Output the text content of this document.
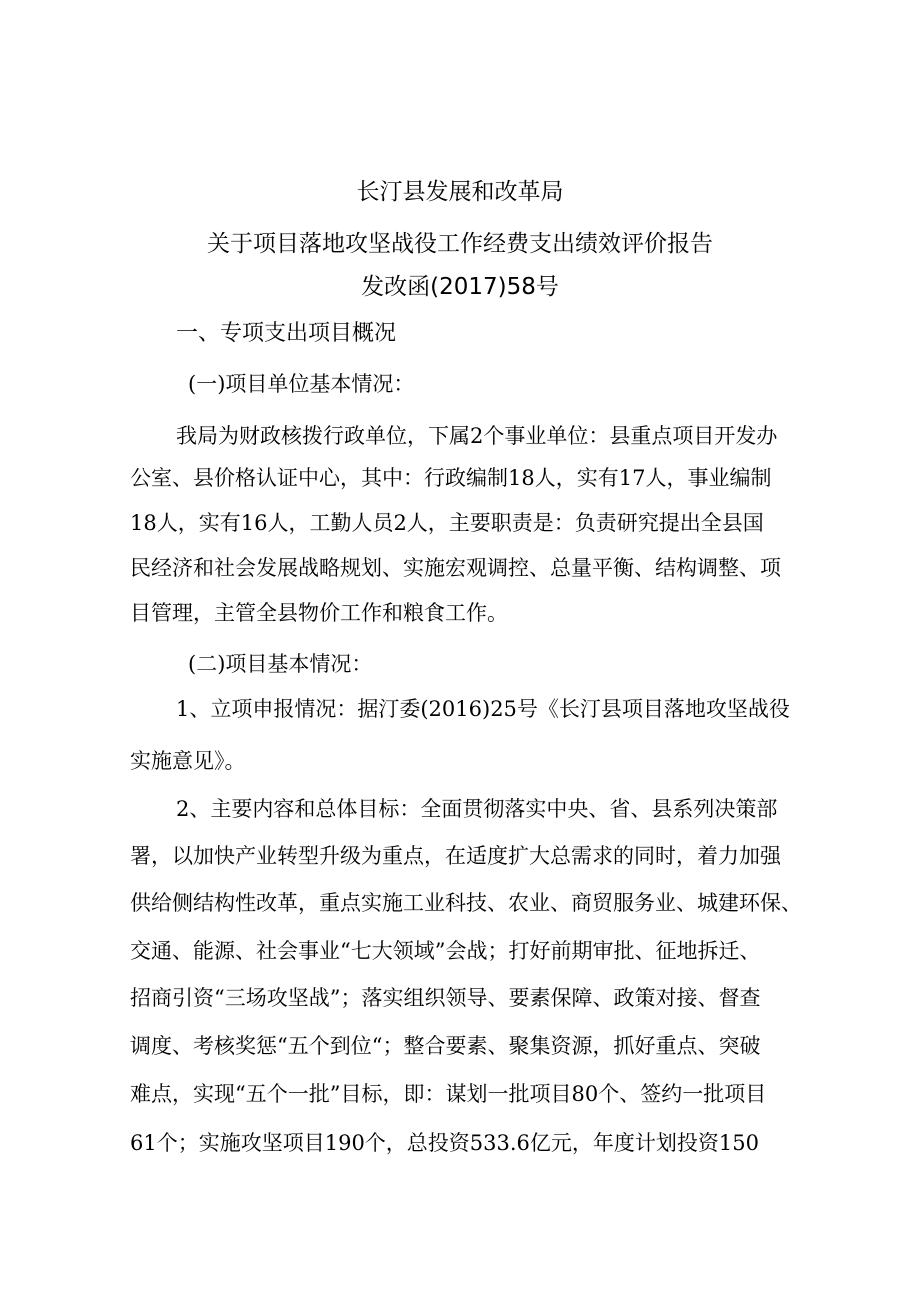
长汀县发展和改革局
关于项目落地攻坚战役工作经费支出绩效评价报告
发改函(2017)58号
一、专项支出项目概况

(一)项目单位基本情况：

我局为财政核拨行政单位，下属2个事业单位：县重点项目开发办

公室、县价格认证中心，其中：行政编制18人，实有17人，事业编制

18人，实有16人，工勤人员2人，主要职责是：负责研究提出全县国

民经济和社会发展战略规划、实施宏观调控、总量平衡、结构调整、项

目管理，主管全县物价工作和粮食工作。

(二)项目基本情况：

1、立项申报情况：据汀委(2016)25号《长汀县项目落地攻坚战役

实施意见》。

2、主要内容和总体目标：全面贯彻落实中央、省、县系列决策部

署，以加快产业转型升级为重点，在适度扩大总需求的同时，着力加强

供给侧结构性改革，重点实施工业科技、农业、商贸服务业、城建环保、

交通、能源、社会事业“七大领域”会战；打好前期审批、征地拆迁、

招商引资“三场攻坚战”；落实组织领导、要素保障、政策对接、督查

调度、考核奖惩“五个到位“；整合要素、聚集资源，抓好重点、突破

难点，实现“五个一批”目标，即：谋划一批项目80个、签约一批项目

61个；实施攻坚项目190个，总投资533.6亿元，年度计划投资150
